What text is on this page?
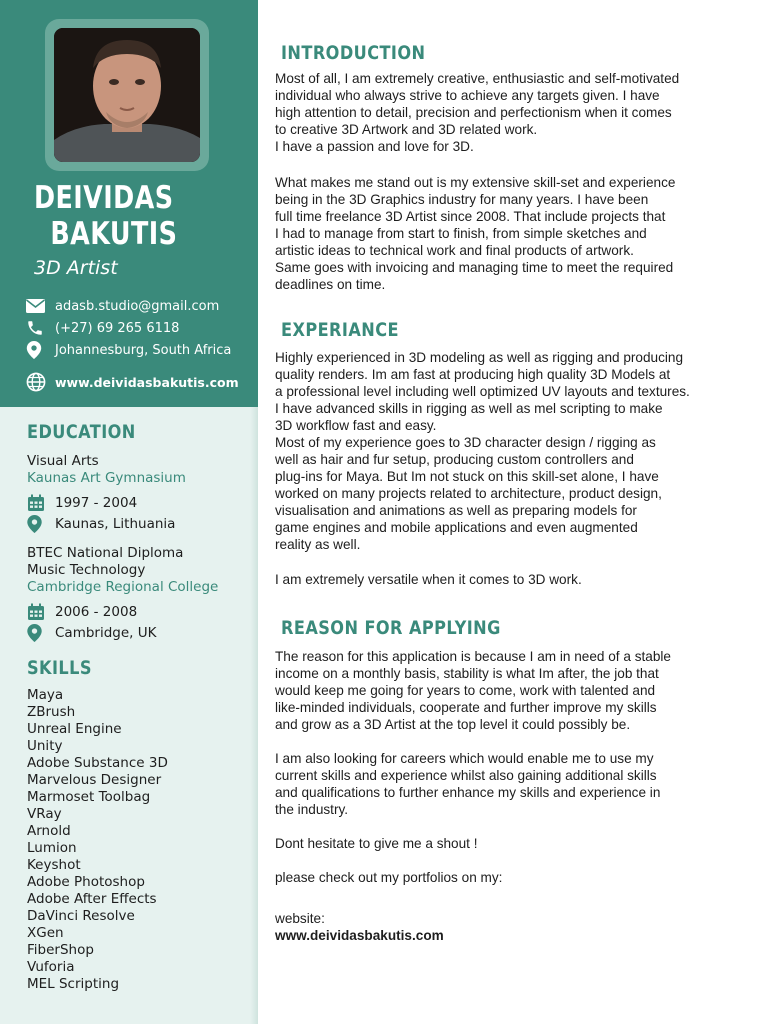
DEIVIDAS
BAKUTIS
3D Artist
adasb.studio@gmail.com
(+27) 69 265 6118
Johannesburg, South Africa
www.deividasbakutis.com
EDUCATION
Visual Arts
Kaunas Art Gymnasium
1997 - 2004
Kaunas, Lithuania
BTEC National Diploma
Music Technology
Cambridge Regional College
2006 - 2008
Cambridge, UK
SKILLS
Maya
ZBrush
Unreal Engine
Unity
Adobe Substance 3D
Marvelous Designer
Marmoset Toolbag
VRay
Arnold
Lumion
Keyshot
Adobe Photoshop
Adobe After Effects
DaVinci Resolve
XGen
FiberShop
Vuforia
MEL Scripting
INTRODUCTION
Most of all, I am extremely creative, enthusiastic and self-motivated
individual who always strive to achieve any targets given. I have
high attention to detail, precision and perfectionism when it comes
to creative 3D Artwork and 3D related work.
I have a passion and love for 3D.
What makes me stand out is my extensive skill-set and experience
being in the 3D Graphics industry for many years. I have been
full time freelance 3D Artist since 2008. That include projects that
I had to manage from start to finish, from simple sketches and
artistic ideas to technical work and final products of artwork.
Same goes with invoicing and managing time to meet the required
deadlines on time.
EXPERIANCE
Highly experienced in 3D modeling as well as rigging and producing
quality renders. Im am fast at producing high quality 3D Models at
a professional level including well optimized UV layouts and textures.
I have advanced skills in rigging as well as mel scripting to make
3D workflow fast and easy.
Most of my experience goes to 3D character design / rigging as
well as hair and fur setup, producing custom controllers and
plug-ins for Maya. But Im not stuck on this skill-set alone, I have
worked on many projects related to architecture, product design,
visualisation and animations as well as preparing models for
game engines and mobile applications and even augmented
reality as well.
I am extremely versatile when it comes to 3D work.
REASON FOR APPLYING
The reason for this application is because I am in need of a stable
income on a monthly basis, stability is what Im after, the job that
would keep me going for years to come, work with talented and
like-minded individuals, cooperate and further improve my skills
and grow as a 3D Artist at the top level it could possibly be.
I am also looking for careers which would enable me to use my
current skills and experience whilst also gaining additional skills
and qualifications to further enhance my skills and experience in
the industry.
Dont hesitate to give me a shout !
please check out my portfolios on my:

website:
www.deividasbakutis.com
